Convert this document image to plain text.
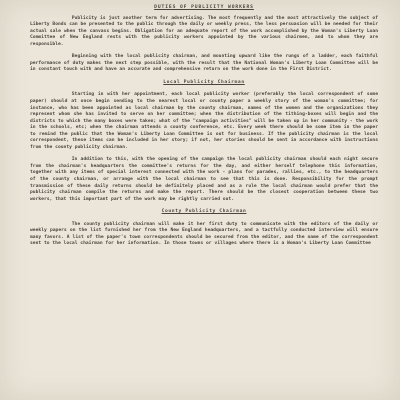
DUTIES OF PUBLICITY WORKERS

Publicity is just another term for advertising. The most frequently and the most attractively the subject of Liberty Bonds can be presented to the public through the daily or weekly press, the less persuasion will be needed for their actual sale when the canvass begins. Obligation for an adequate report of the work accomplished by the Woman's Liberty Loan Committee of New England rests with the publicity workers appointed by the various chairmen, and to whom they are responsible.

Beginning with the local publicity chairman, and mounting upward like the rungs of a ladder, each faithful performance of duty makes the next step possible, with the result that the National Woman's Liberty Loan Committee will be in constant touch with and have an accurate and comprehensive return on the work done in the First District.

Local Publicity Chairman

Starting in with her appointment, each local publicity worker (preferably the local correspondent of some paper) should at once begin sending to the nearest local or county paper a weekly story of the woman's committee; for instance, who has been appointed as local chairman by the county chairman, names of the women and the organizations they represent whom she has invited to serve on her committee; when the distribution of the tithing-boxes will begin and the districts to which the many boxes were taken; what of the "campaign activities" will be taken up in her community - the work in the schools, etc; when the chairman attends a county conference, etc. Every week there should be some item in the paper to remind the public that the Woman's Liberty Loan Committee is out for business. If the publicity chairman is the local correspondent, these items can be included in her story; if not, her stories should be sent in accordance with instructions from the county publicity chairman.

In addition to this, with the opening of the campaign the local publicity chairman should each night secure from the chairman's headquarters the committee's returns for the day, and either herself telephone this information, together with any items of special interest connected with the work - plans for parades, rallies, etc., to the headquarters of the county chairman, or arrange with the local chairman to see that this is done. Responsibility for the prompt transmission of these daily returns should be definitely placed and as a rule the local chairman would prefer that the publicity chairman compile the returns and make the report. There should be the closest cooperation between these two workers, that this important part of the work may be rightly carried out.

County Publicity Chairman

The county publicity chairman will make it her first duty to communicate with the editors of the daily or weekly papers on the list furnished her from the New England headquarters, and a tactfully conducted interview will ensure many favors. A list of the paper's town correspondents should be secured from the editor, and the name of the correspondent sent to the local chairman for her information. In those towns or villages where there is a Woman's Liberty Loan Committee
